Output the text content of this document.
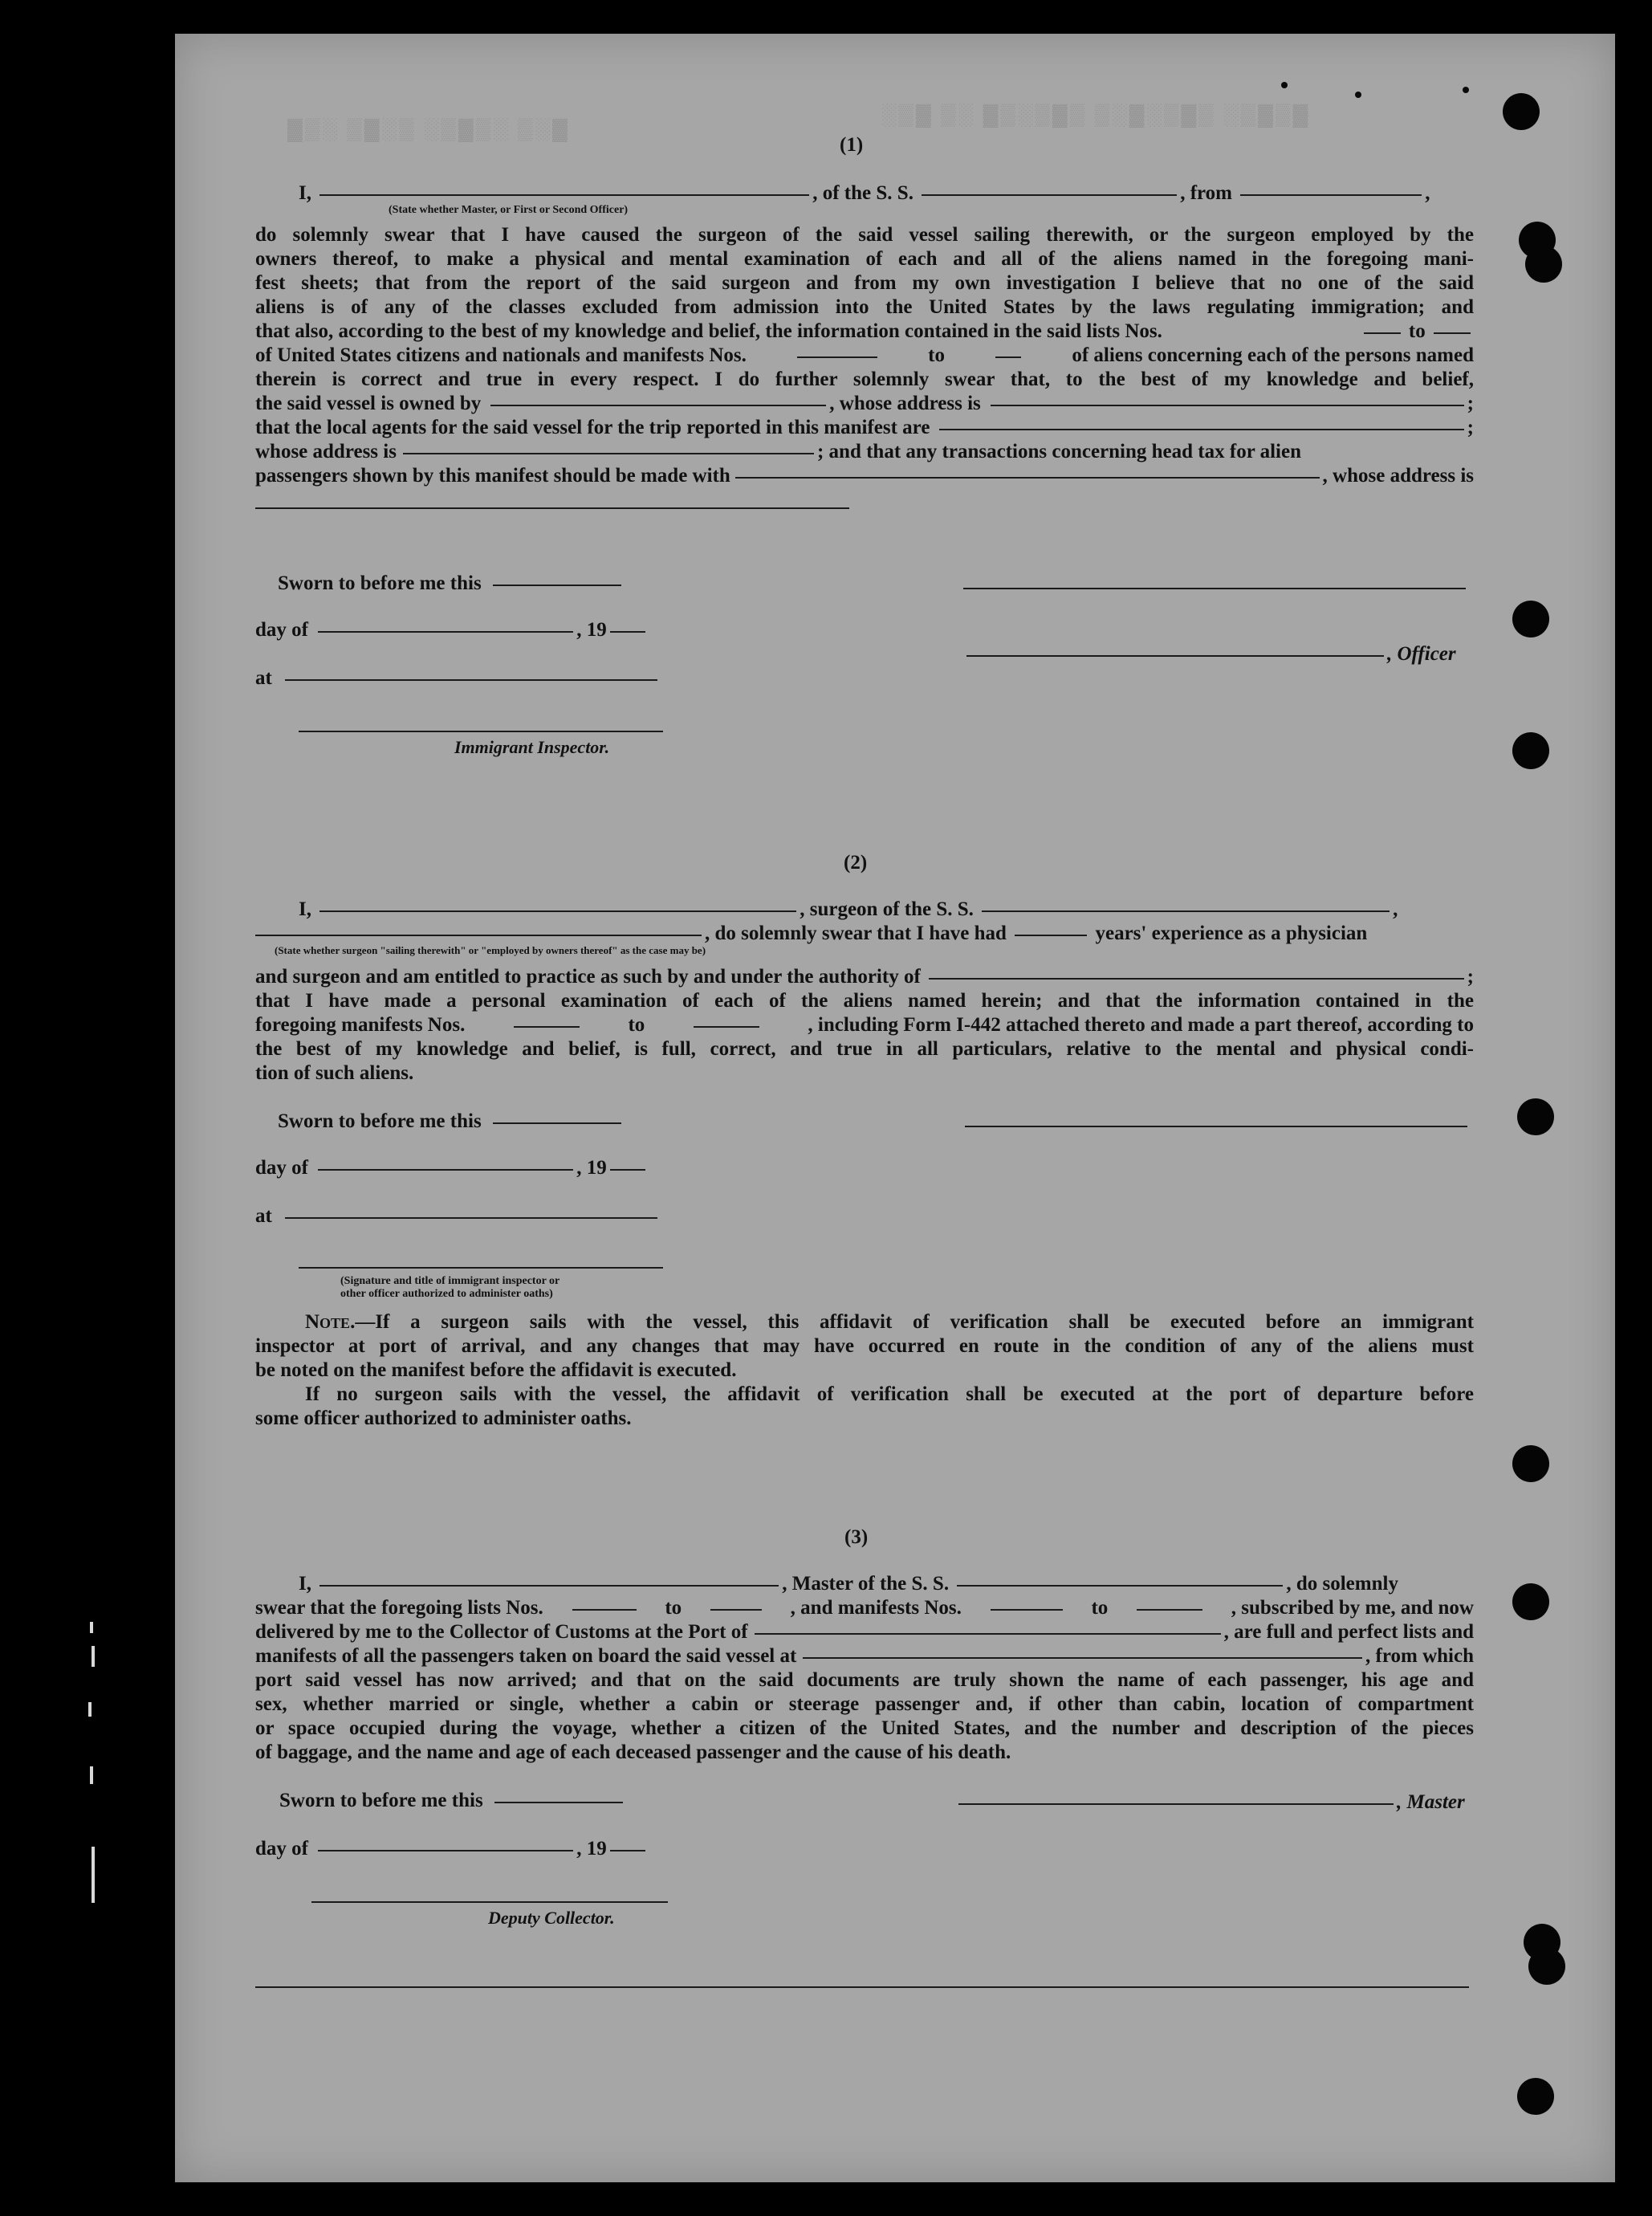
▓▒░ ▒▓░▒ ░▒▓▒░ ▒░▓
░▒▓ ▒░ ▓▒░▒▓▒ ▒░▓░▒▓▒ ░▒▓▒▓
(1)
I,	, of the S. S.	, from	,
(State whether Master, or First or Second Officer)
do solemnly swear that I have caused the surgeon of the said vessel sailing therewith, or the surgeon employed by the
owners thereof, to make a physical and mental examination of each and all of the aliens named in the foregoing mani-
fest sheets; that from the report of the said surgeon and from my own investigation I believe that no one of the said
aliens is of any of the classes excluded from admission into the United States by the laws regulating immigration; and
that also, according to the best of my knowledge and belief, the information contained in the said lists Nos.	to
of United States citizens and nationals and manifests Nos.	to	of aliens concerning each of the persons named
therein is correct and true in every respect. I do further solemnly swear that, to the best of my knowledge and belief,
the said vessel is owned by	, whose address is	;
that the local agents for the said vessel for the trip reported in this manifest are	;
whose address is	; and that any transactions concerning head tax for alien
passengers shown by this manifest should be made with	, whose address is
Sworn to before me this
day of	, 19
, Officer
at
Immigrant Inspector.
(2)
I,	, surgeon of the S. S.	,
, do solemnly swear that I have had	years' experience as a physician
(State whether surgeon "sailing therewith" or "employed by owners thereof" as the case may be)
and surgeon and am entitled to practice as such by and under the authority of	;
that I have made a personal examination of each of the aliens named herein; and that the information contained in the
foregoing manifests Nos.	to	, including Form I-442 attached thereto and made a part thereof, according to
the best of my knowledge and belief, is full, correct, and true in all particulars, relative to the mental and physical condi-
tion of such aliens.
Sworn to before me this
day of	, 19
at
(Signature and title of immigrant inspector or
other officer authorized to administer oaths)
Note.—If a surgeon sails with the vessel, this affidavit of verification shall be executed before an immigrant
inspector at port of arrival, and any changes that may have occurred en route in the condition of any of the aliens must
be noted on the manifest before the affidavit is executed.
If no surgeon sails with the vessel, the affidavit of verification shall be executed at the port of departure before
some officer authorized to administer oaths.
(3)
I,	, Master of the S. S.	, do solemnly
swear that the foregoing lists Nos.	to	, and manifests Nos.	to	, subscribed by me, and now
delivered by me to the Collector of Customs at the Port of	, are full and perfect lists and
manifests of all the passengers taken on board the said vessel at	, from which
port said vessel has now arrived; and that on the said documents are truly shown the name of each passenger, his age and
sex, whether married or single, whether a cabin or steerage passenger and, if other than cabin, location of compartment
or space occupied during the voyage, whether a citizen of the United States, and the number and description of the pieces
of baggage, and the name and age of each deceased passenger and the cause of his death.
Sworn to before me this	, Master
day of	, 19
Deputy Collector.
